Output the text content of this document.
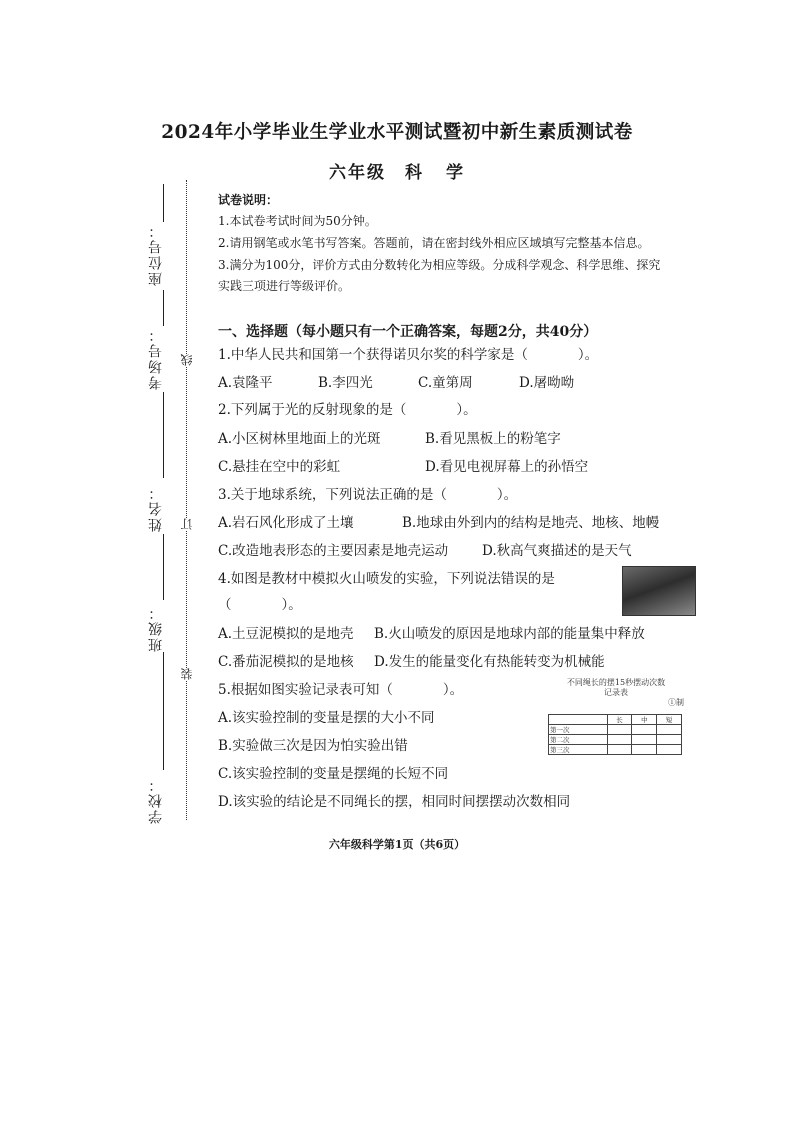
座位号：
考场号：
姓名：
班级：
学校：
线
订
装
2024年小学毕业生学业水平测试暨初中新生素质测试卷
六年级　科 学
试卷说明：
1.本试卷考试时间为50分钟。
2.请用钢笔或水笔书写答案。答题前，请在密封线外相应区域填写完整基本信息。
3.满分为100分，评价方式由分数转化为相应等级。分成科学观念、科学思维、探究
实践三项进行等级评价。
一、选择题（每小题只有一个正确答案，每题2分，共40分）
1.中华人民共和国第一个获得诺贝尔奖的科学家是（	）。
A.袁隆平	B.李四光	C.童第周	D.屠呦呦
2.下列属于光的反射现象的是（	）。
A.小区树林里地面上的光斑	B.看见黑板上的粉笔字
C.悬挂在空中的彩虹	D.看见电视屏幕上的孙悟空
3.关于地球系统，下列说法正确的是（	）。
A.岩石风化形成了土壤	B.地球由外到内的结构是地壳、地核、地幔
C.改造地表形态的主要因素是地壳运动	D.秋高气爽描述的是天气
4.如图是教材中模拟火山喷发的实验，下列说法错误的是
（	）。
A.土豆泥模拟的是地壳 B.火山喷发的原因是地球内部的能量集中释放
C.番茄泥模拟的是地核 D.发生的能量变化有热能转变为机械能
5.根据如图实验记录表可知（	）。
A.该实验控制的变量是摆的大小不同
B.实验做三次是因为怕实验出错
C.该实验控制的变量是摆绳的长短不同
D.该实验的结论是不同绳长的摆，相同时间摆摆动次数相同
不同绳长的摆15秒摆动次数
记录表
①制
	长	中	短
第一次			
第二次			
第三次			
六年级科学第1页（共6页）
